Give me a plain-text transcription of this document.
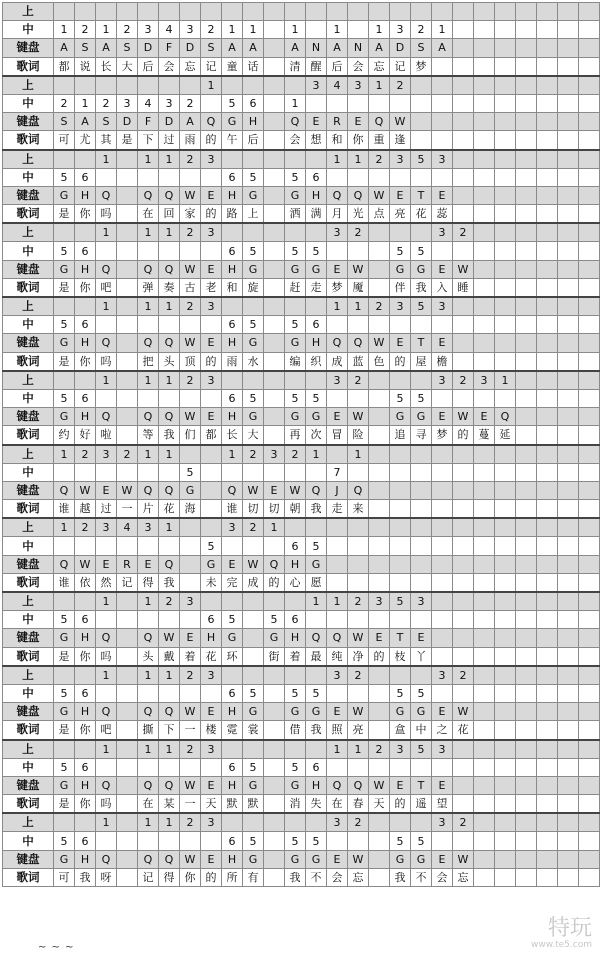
上																										
中	1	2	1	2	3	4	3	2	1	1		1		1		1	3	2	1							
键盘	A	S	A	S	D	F	D	S	A	A		A	N	A	N	A	D	S	A							
歌词	都	说	长	大	后	会	忘	记	童	话		清	醒	后	会	忘	记	梦								
上								1					3	4	3	1	2									
中	2	1	2	3	4	3	2		5	6		1														
键盘	S	A	S	D	F	D	A	Q	G	H		Q	E	R	E	Q	W									
歌词	可	尤	其	是	下	过	雨	的	午	后		会	想	和	你	重	逢									
上			1		1	1	2	3						1	1	2	3	5	3							
中	5	6							6	5		5	6													
键盘	G	H	Q		Q	Q	W	E	H	G		G	H	Q	Q	W	E	T	E							
歌词	是	你	吗		在	回	家	的	路	上		洒	满	月	光	点	亮	花	蕊							
上			1		1	1	2	3						3	2				3	2						
中	5	6							6	5		5	5				5	5								
键盘	G	H	Q		Q	Q	W	E	H	G		G	G	E	W		G	G	E	W						
歌词	是	你	吧		弹	奏	古	老	和	旋		赶	走	梦	魇		伴	我	入	睡						
上			1		1	1	2	3						1	1	2	3	5	3							
中	5	6							6	5		5	6													
键盘	G	H	Q		Q	Q	W	E	H	G		G	H	Q	Q	W	E	T	E							
歌词	是	你	吗		把	头	顶	的	雨	水		编	织	成	蓝	色	的	屋	檐							
上			1		1	1	2	3						3	2				3	2	3	1				
中	5	6							6	5		5	5				5	5								
键盘	G	H	Q		Q	Q	W	E	H	G		G	G	E	W		G	G	E	W	E	Q				
歌词	约	好	啦		等	我	们	都	长	大		再	次	冒	险		追	寻	梦	的	蔓	延				
上	1	2	3	2	1	1			1	2	3	2	1		1											
中							5							7												
键盘	Q	W	E	W	Q	Q	G		Q	W	E	W	Q	J	Q											
歌词	谁	越	过	一	片	花	海		谁	切	切	朝	我	走	来											
上	1	2	3	4	3	1			3	2	1															
中								5				6	5													
键盘	Q	W	E	R	E	Q		G	E	W	Q	H	G													
歌词	谁	依	然	记	得	我		未	完	成	的	心	愿													
上			1		1	2	3						1	1	2	3	5	3								
中	5	6						6	5		5	6														
键盘	G	H	Q		Q	W	E	H	G		G	H	Q	Q	W	E	T	E								
歌词	是	你	吗		头	戴	着	花	环		街	着	最	纯	净	的	枝	丫								
上			1		1	1	2	3						3	2				3	2						
中	5	6							6	5		5	5				5	5								
键盘	G	H	Q		Q	Q	W	E	H	G		G	G	E	W		G	G	E	W						
歌词	是	你	吧		撕	下	一	楼	霓	裳		借	我	照	亮		盒	中	之	花						
上			1		1	1	2	3						1	1	2	3	5	3							
中	5	6							6	5		5	6													
键盘	G	H	Q		Q	Q	W	E	H	G		G	H	Q	Q	W	E	T	E							
歌词	是	你	吗		在	某	一	天	默	默		消	失	在	春	天	的	遥	望							
上			1		1	1	2	3						3	2				3	2						
中	5	6							6	5		5	5				5	5								
键盘	G	H	Q		Q	Q	W	E	H	G		G	G	E	W		G	G	E	W						
歌词	可	我	呀		记	得	你	的	所	有		我	不	会	忘		我	不	会	忘						
~ ~ ~
特玩
www.te5.com
